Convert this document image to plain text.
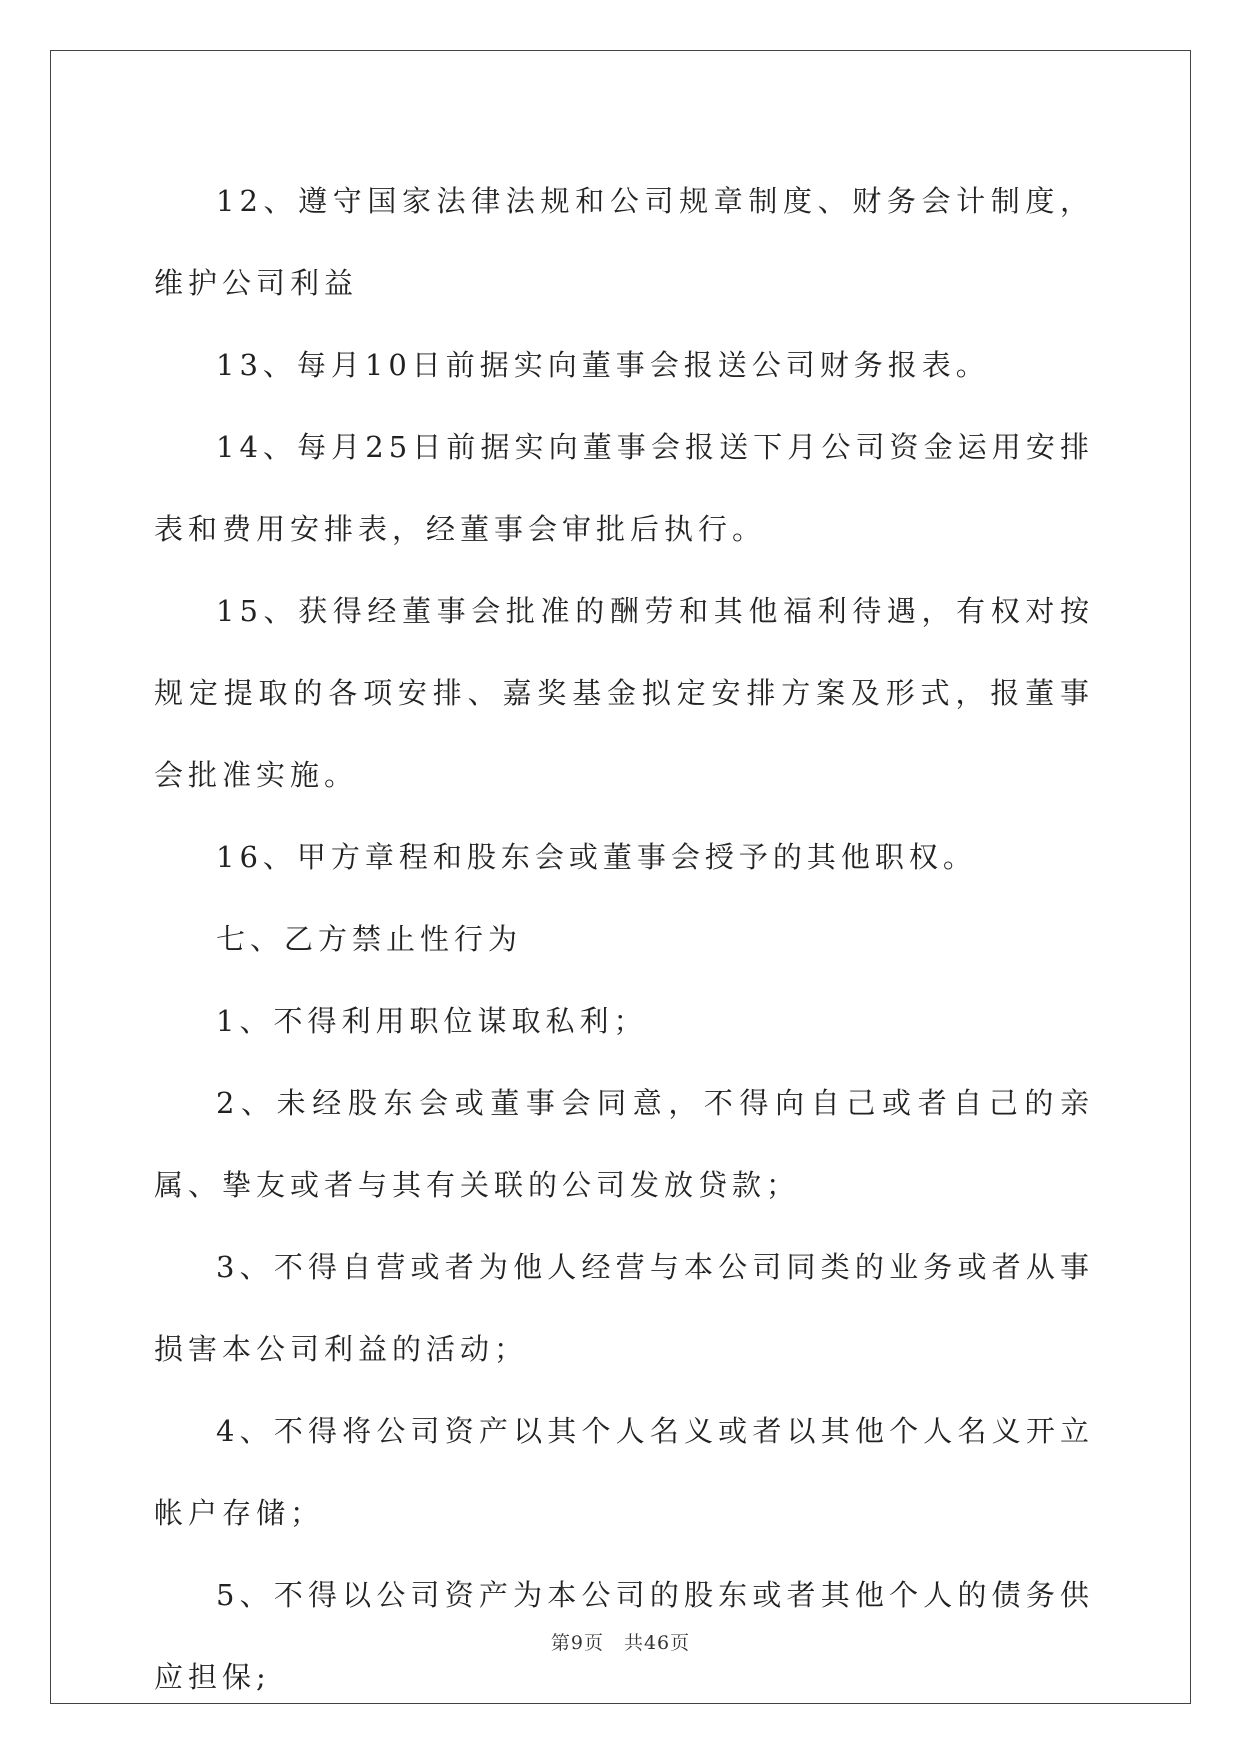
12、遵守国家法律法规和公司规章制度、财务会计制度，维护公司利益

13、每月10日前据实向董事会报送公司财务报表。

14、每月25日前据实向董事会报送下月公司资金运用安排表和费用安排表，经董事会审批后执行。

15、获得经董事会批准的酬劳和其他福利待遇，有权对按规定提取的各项安排、嘉奖基金拟定安排方案及形式，报董事会批准实施。

16、甲方章程和股东会或董事会授予的其他职权。

七、乙方禁止性行为

1、不得利用职位谋取私利；

2、未经股东会或董事会同意，不得向自己或者自己的亲属、挚友或者与其有关联的公司发放贷款；

3、不得自营或者为他人经营与本公司同类的业务或者从事损害本公司利益的活动；

4、不得将公司资产以其个人名义或者以其他个人名义开立帐户存储；

5、不得以公司资产为本公司的股东或者其他个人的债务供应担保;

第9页　共46页
